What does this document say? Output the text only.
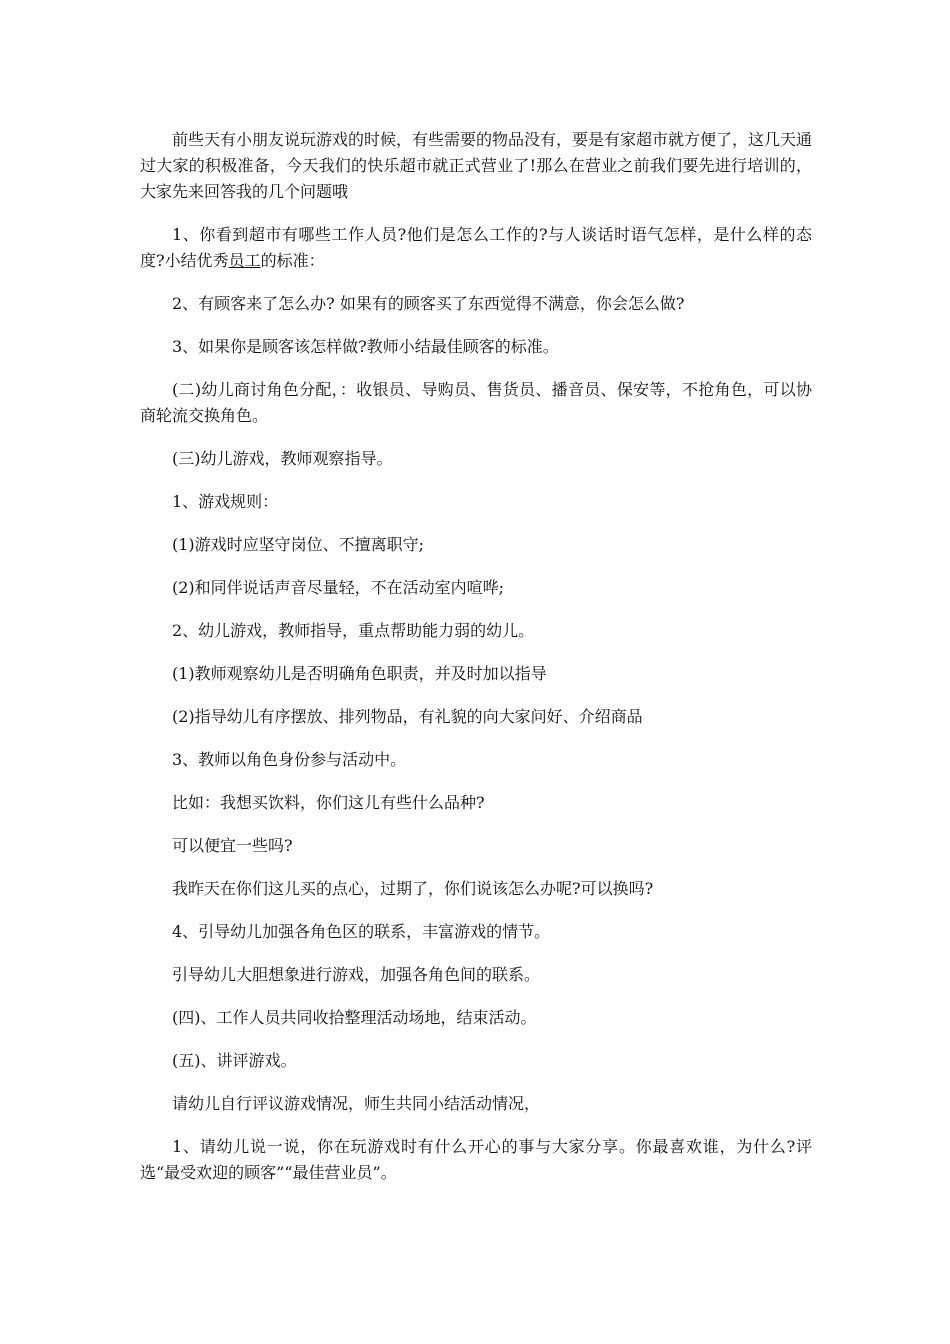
前些天有小朋友说玩游戏的时候，有些需要的物品没有，要是有家超市就方便了，这几天通过大家的积极准备，今天我们的快乐超市就正式营业了!那么在营业之前我们要先进行培训的，大家先来回答我的几个问题哦

1、你看到超市有哪些工作人员?他们是怎么工作的?与人谈话时语气怎样，是什么样的态度?小结优秀员工的标准：

2、有顾客来了怎么办? 如果有的顾客买了东西觉得不满意，你会怎么做?

3、如果你是顾客该怎样做?教师小结最佳顾客的标准。

(二)幼儿商讨角色分配，：收银员、导购员、售货员、播音员、保安等，不抢角色，可以协商轮流交换角色。

(三)幼儿游戏，教师观察指导。

1、游戏规则：

(1)游戏时应坚守岗位、不擅离职守;

(2)和同伴说话声音尽量轻，不在活动室内喧哗;

2、幼儿游戏，教师指导，重点帮助能力弱的幼儿。

(1)教师观察幼儿是否明确角色职责，并及时加以指导

(2)指导幼儿有序摆放、排列物品，有礼貌的向大家问好、介绍商品

3、教师以角色身份参与活动中。

比如：我想买饮料，你们这儿有些什么品种?

可以便宜一些吗?

我昨天在你们这儿买的点心，过期了，你们说该怎么办呢?可以换吗?

4、引导幼儿加强各角色区的联系，丰富游戏的情节。

引导幼儿大胆想象进行游戏，加强各角色间的联系。

(四)、工作人员共同收拾整理活动场地，结束活动。

(五)、讲评游戏。

请幼儿自行评议游戏情况，师生共同小结活动情况，

1、请幼儿说一说，你在玩游戏时有什么开心的事与大家分享。你最喜欢谁，为什么?评选“最受欢迎的顾客”“最佳营业员”。
